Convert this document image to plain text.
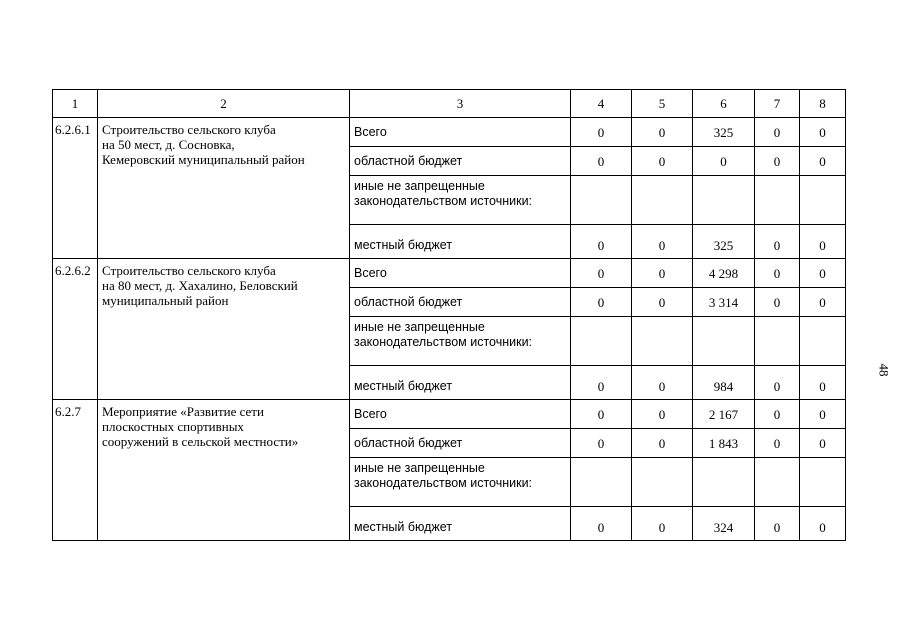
1	2	3	4	5	6	7	8
6.2.6.1	Строительство сельского клуба
на 50 мест, д. Сосновка,
Кемеровский муниципальный район	Всего	0	0	325	0	0
		областной бюджет	0	0	0	0	0
		иные не запрещенные
законодательством источники:					
		местный бюджет	0	0	325	0	0
6.2.6.2	Строительство сельского клуба
на 80 мест, д. Хахалино, Беловский
муниципальный район	Всего	0	0	4 298	0	0
		областной бюджет	0	0	3 314	0	0
		иные не запрещенные
законодательством источники:					
		местный бюджет	0	0	984	0	0
6.2.7	Мероприятие «Развитие сети
плоскостных спортивных
сооружений в сельской местности»	Всего	0	0	2 167	0	0
		областной бюджет	0	0	1 843	0	0
		иные не запрещенные
законодательством источники:					
		местный бюджет	0	0	324	0	0
48
